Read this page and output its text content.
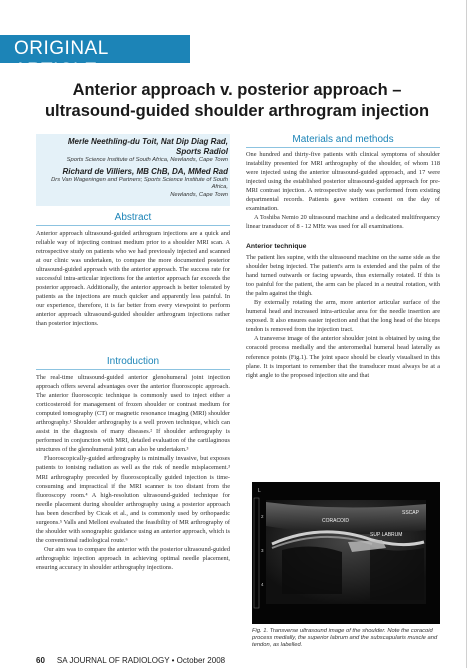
ORIGINAL ARTICLE
Anterior approach v. posterior approach –
ultrasound-guided shoulder arthrogram injection
Merle Neethling-du Toit, Nat Dip Diag Rad,
Sports Radiol
Sports Science Institute of South Africa, Newlands, Cape Town
Richard de Villiers, MB ChB, DA, MMed Rad
Drs Van Wageningen and Partners; Sports Science Institute of South Africa,
Newlands, Cape Town
Abstract

Anterior approach ultrasound-guided arthrogram injections are a quick and reliable way of injecting contrast medium prior to a shoulder MRI scan. A retrospective study on patients who we had previously injected and scanned at our clinic was undertaken, to compare the more documented posterior ultrasound-guided approach with the anterior approach. The success rate for successful intra-articular injections for the anterior approach far exceeds the posterior approach. Additionally, the anterior approach is better tolerated by patients as the injections are much quicker and apparently less painful. In our experience, therefore, it is far better from every viewpoint to perform anterior approach ultrasound-guided shoulder arthrogram injections rather than posterior injections.

Introduction

The real-time ultrasound-guided anterior glenohumeral joint injection approach offers several advantages over the anterior fluoroscopic approach. The anterior fluoroscopic technique is commonly used to inject either a corticosteroid for management of frozen shoulder or contrast medium for computed tomography (CT) or magnetic resonance imaging (MRI) shoulder arthrography.¹ Shoulder arthrography is a well proven technique, which can assist in the diagnosis of many diseases.² If shoulder arthrography is performed in conjunction with MRI, detailed evaluation of the cartilaginous structures of the glenohumeral joint can also be undertaken.³

Fluoroscopically-guided arthrography is minimally invasive, but exposes patients to ionising radiation as well as the risk of needle misplacement.³ MRI arthrography preceded by fluoroscopically guided injection is time-consuming and impractical if the MRI scanner is too distant from the fluoroscopy room.⁴ A high-resolution ultrasound-guided technique for needle placement during shoulder arthrography using a posterior approach has been described by Cicak et al., and is commonly used by orthopaedic surgeons.⁵ Valls and Melloni evaluated the feasibility of MR arthrography of the shoulder with sonographic guidance using an anterior approach, which is the conventional radiological route.⁶

Our aim was to compare the anterior with the posterior ultrasound-guided arthrographic injection approach in achieving optimal needle placement, ensuring accuracy in shoulder arthrography injections.

Materials and methods

One hundred and thirty-five patients with clinical symptoms of shoulder instability presented for MRI arthrography of the shoulder, of whom 118 were injected using the anterior ultrasound-guided approach, and 17 were injected using the established posterior ultrasound-guided approach for pre-MRI contrast injection. A retrospective study was performed from existing departmental records. Patients gave written consent on the day of examination.

A Toshiba Nemio 20 ultrasound machine and a dedicated multifrequency linear transducer of 8 - 12 MHz was used for all examinations.

Anterior technique

The patient lies supine, with the ultrasound machine on the same side as the shoulder being injected. The patient's arm is extended and the palm of the hand turned outwards or facing upwards, thus externally rotated. If this is too painful for the patient, the arm can be placed in a neutral rotation, with the palm against the thigh.

By externally rotating the arm, more anterior articular surface of the humeral head and increased intra-articular area for the needle insertion are exposed. It also ensures easier injection and that the long head of the biceps tendon is removed from the injection tract.

A transverse image of the anterior shoulder joint is obtained by using the coracoid process medially and the anteromedial humeral head laterally as reference points (Fig.1). The joint space should be clearly visualised in this plane. It is important to remember that the transducer must always be at a right angle to the proposed injection site and that

L
2
3
4
CORACOID
SUP LABRUM
SSCAP
Fig. 1. Transverse ultrasound image of the shoulder. Note the coracoid process medially, the superior labrum and the subscapularis muscle and tendon, as labelled.
60 SA JOURNAL OF RADIOLOGY • October 2008
